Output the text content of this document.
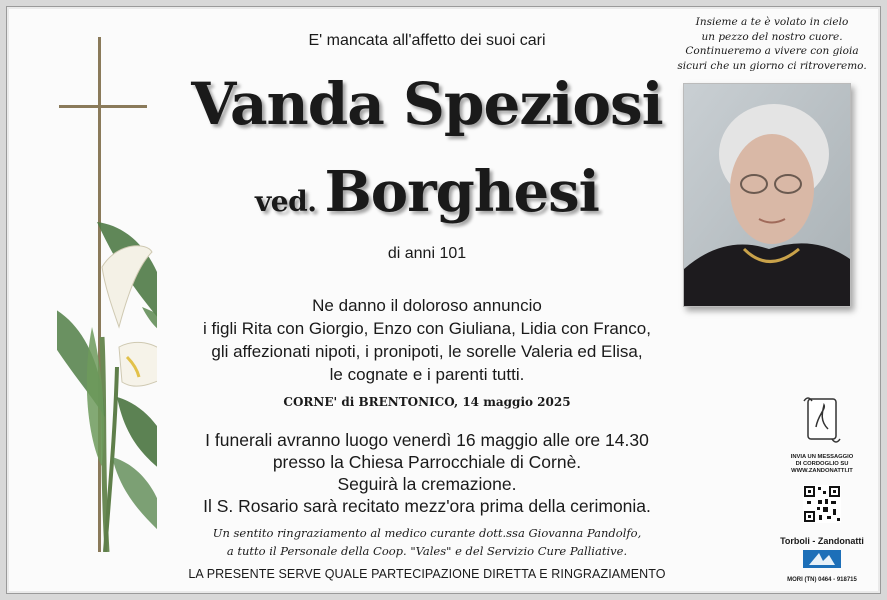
E' mancata all'affetto dei suoi cari
Vanda Speziosi
ved. Borghesi
di anni 101
Ne danno il doloroso annuncio
i figli Rita con Giorgio, Enzo con Giuliana, Lidia con Franco,
gli affezionati nipoti, i pronipoti, le sorelle Valeria ed Elisa,
le cognate e i parenti tutti.
CORNE' di BRENTONICO, 14 maggio 2025
I funerali avranno luogo venerdì 16 maggio alle ore 14.30
presso la Chiesa Parrocchiale di Cornè.
Seguirà la cremazione.
Il S. Rosario sarà recitato mezz'ora prima della cerimonia.
Un sentito ringraziamento al medico curante dott.ssa Giovanna Pandolfo,
a tutto il Personale della Coop. "Vales" e del Servizio Cure Palliative.
LA PRESENTE SERVE QUALE PARTECIPAZIONE DIRETTA E RINGRAZIAMENTO
Insieme a te è volato in cielo
un pezzo del nostro cuore.
Continueremo a vivere con gioia
sicuri che un giorno ci ritroveremo.
INVIA UN MESSAGGIO
DI CORDOGLIO SU
WWW.ZANDONATTI.IT
Torboli - Zandonatti
MORI (TN) 0464 - 918715
